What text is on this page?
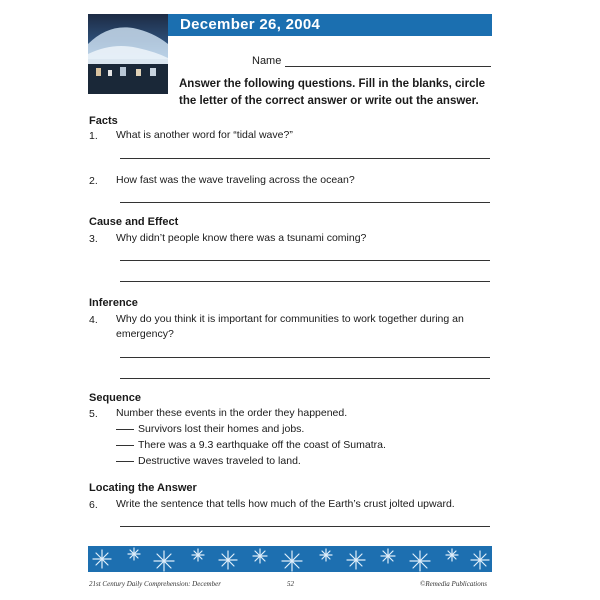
December 26, 2004
Name
Answer the following questions. Fill in the blanks, circle the letter of the correct answer or write out the answer.
Facts
1. What is another word for “tidal wave?”
2. How fast was the wave traveling across the ocean?
Cause and Effect
3. Why didn’t people know there was a tsunami coming?
Inference
4. Why do you think it is important for communities to work together during an emergency?
Sequence
5. Number these events in the order they happened.
Survivors lost their homes and jobs.
There was a 9.3 earthquake off the coast of Sumatra.
Destructive waves traveled to land.
Locating the Answer
6. Write the sentence that tells how much of the Earth’s crust jolted upward.
21st Century Daily Comprehension: December	52	©Remedia Publications
